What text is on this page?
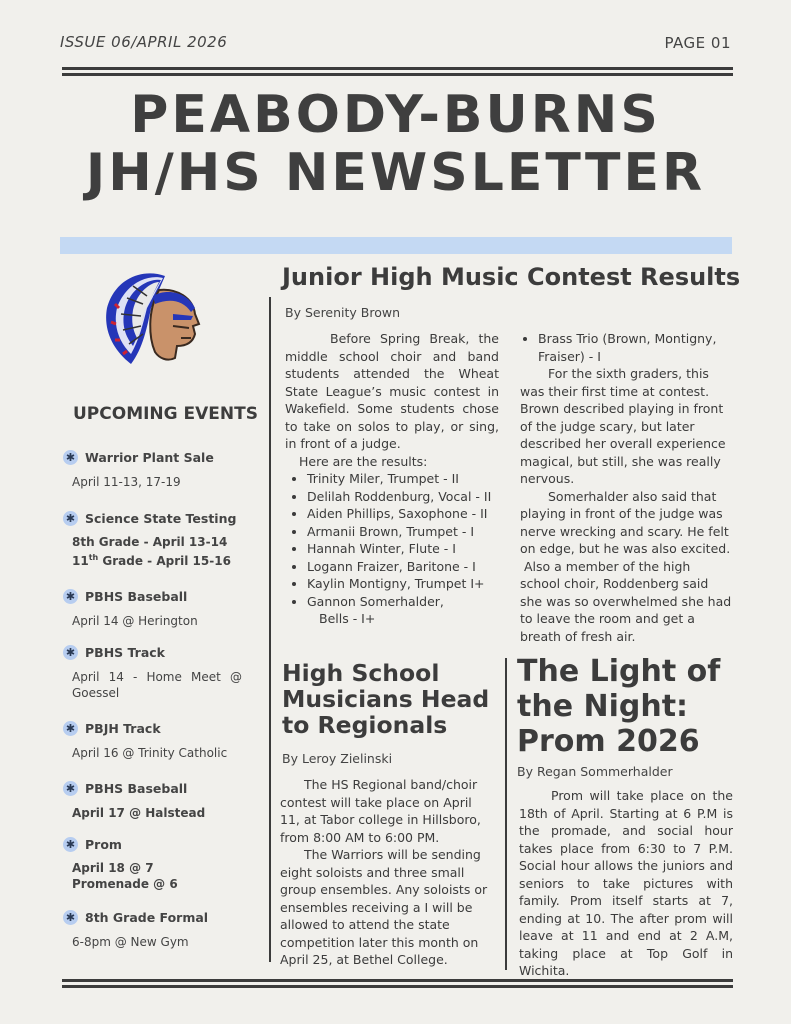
ISSUE 06/APRIL 2026	PAGE 01
PEABODY-BURNS
JH/HS NEWSLETTER
UPCOMING EVENTS
✱ Warrior Plant Sale
April 11-13, 17-19
✱ Science State Testing
8th Grade - April 13-14
11th Grade - April 15-16
✱ PBHS Baseball
April 14 @ Herington
✱ PBHS Track
April 14 - Home Meet @ Goessel
✱ PBJH Track
April 16 @ Trinity Catholic
✱ PBHS Baseball
April 17 @ Halstead
✱ Prom
April 18 @ 7
Promenade @ 6
✱ 8th Grade Formal
6-8pm @ New Gym
Junior High Music Contest Results
By Serenity Brown

Before Spring Break, the middle school choir and band students attended the Wheat State League’s music contest in Wakefield. Some students chose to take on solos to play, or sing, in front of a judge.

Here are the results:

• Trinity Miler, Trumpet - II
• Delilah Roddenburg, Vocal - II
• Aiden Phillips, Saxophone - II
• Armanii Brown, Trumpet - I
• Hannah Winter, Flute - I
• Logann Fraizer, Baritone - I
• Kaylin Montigny, Trumpet I+
• Gannon Somerhalder,

Bells - I+

• Brass Trio (Brown, Montigny, Fraiser) - I

For the sixth graders, this was their first time at contest. Brown described playing in front of the judge scary, but later described her overall experience magical, but still, she was really nervous.

Somerhalder also said that playing in front of the judge was nerve wrecking and scary. He felt on edge, but he was also excited.

Also a member of the high school choir, Roddenberg said she was so overwhelmed she had to leave the room and get a breath of fresh air.

High School Musicians Head to Regionals
By Leroy Zielinski

The HS Regional band/choir contest will take place on April 11, at Tabor college in Hillsboro, from 8:00 AM to 6:00 PM.

The Warriors will be sending eight soloists and three small group ensembles. Any soloists or ensembles receiving a I will be allowed to attend the state competition later this month on April 25, at Bethel College.

The Light of the Night: Prom 2026
By Regan Sommerhalder

Prom will take place on the 18th of April. Starting at 6 P.M is the promade, and social hour takes place from 6:30 to 7 P.M. Social hour allows the juniors and seniors to take pictures with family. Prom itself starts at 7, ending at 10. The after prom will leave at 11 and end at 2 A.M, taking place at Top Golf in Wichita.
